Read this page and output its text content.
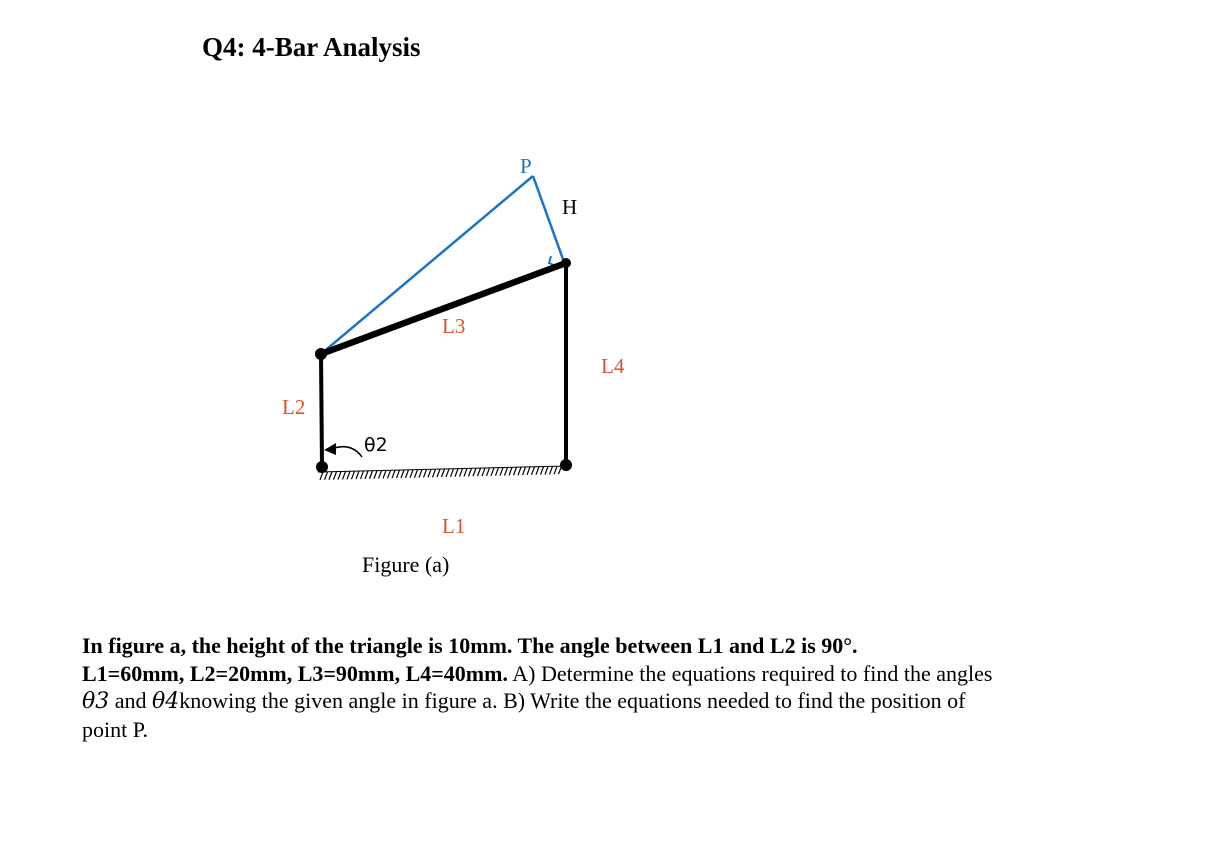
Q4: 4-Bar Analysis
P
H
L3
L4
L2
L1
θ2
Figure (a)
In figure a, the height of the triangle is 10mm. The angle between L1 and L2 is 90°.
L1=60mm, L2=20mm, L3=90mm, L4=40mm. A) Determine the equations required to find the angles
θ3 and θ4knowing the given angle in figure a. B) Write the equations needed to find the position of
point P.
